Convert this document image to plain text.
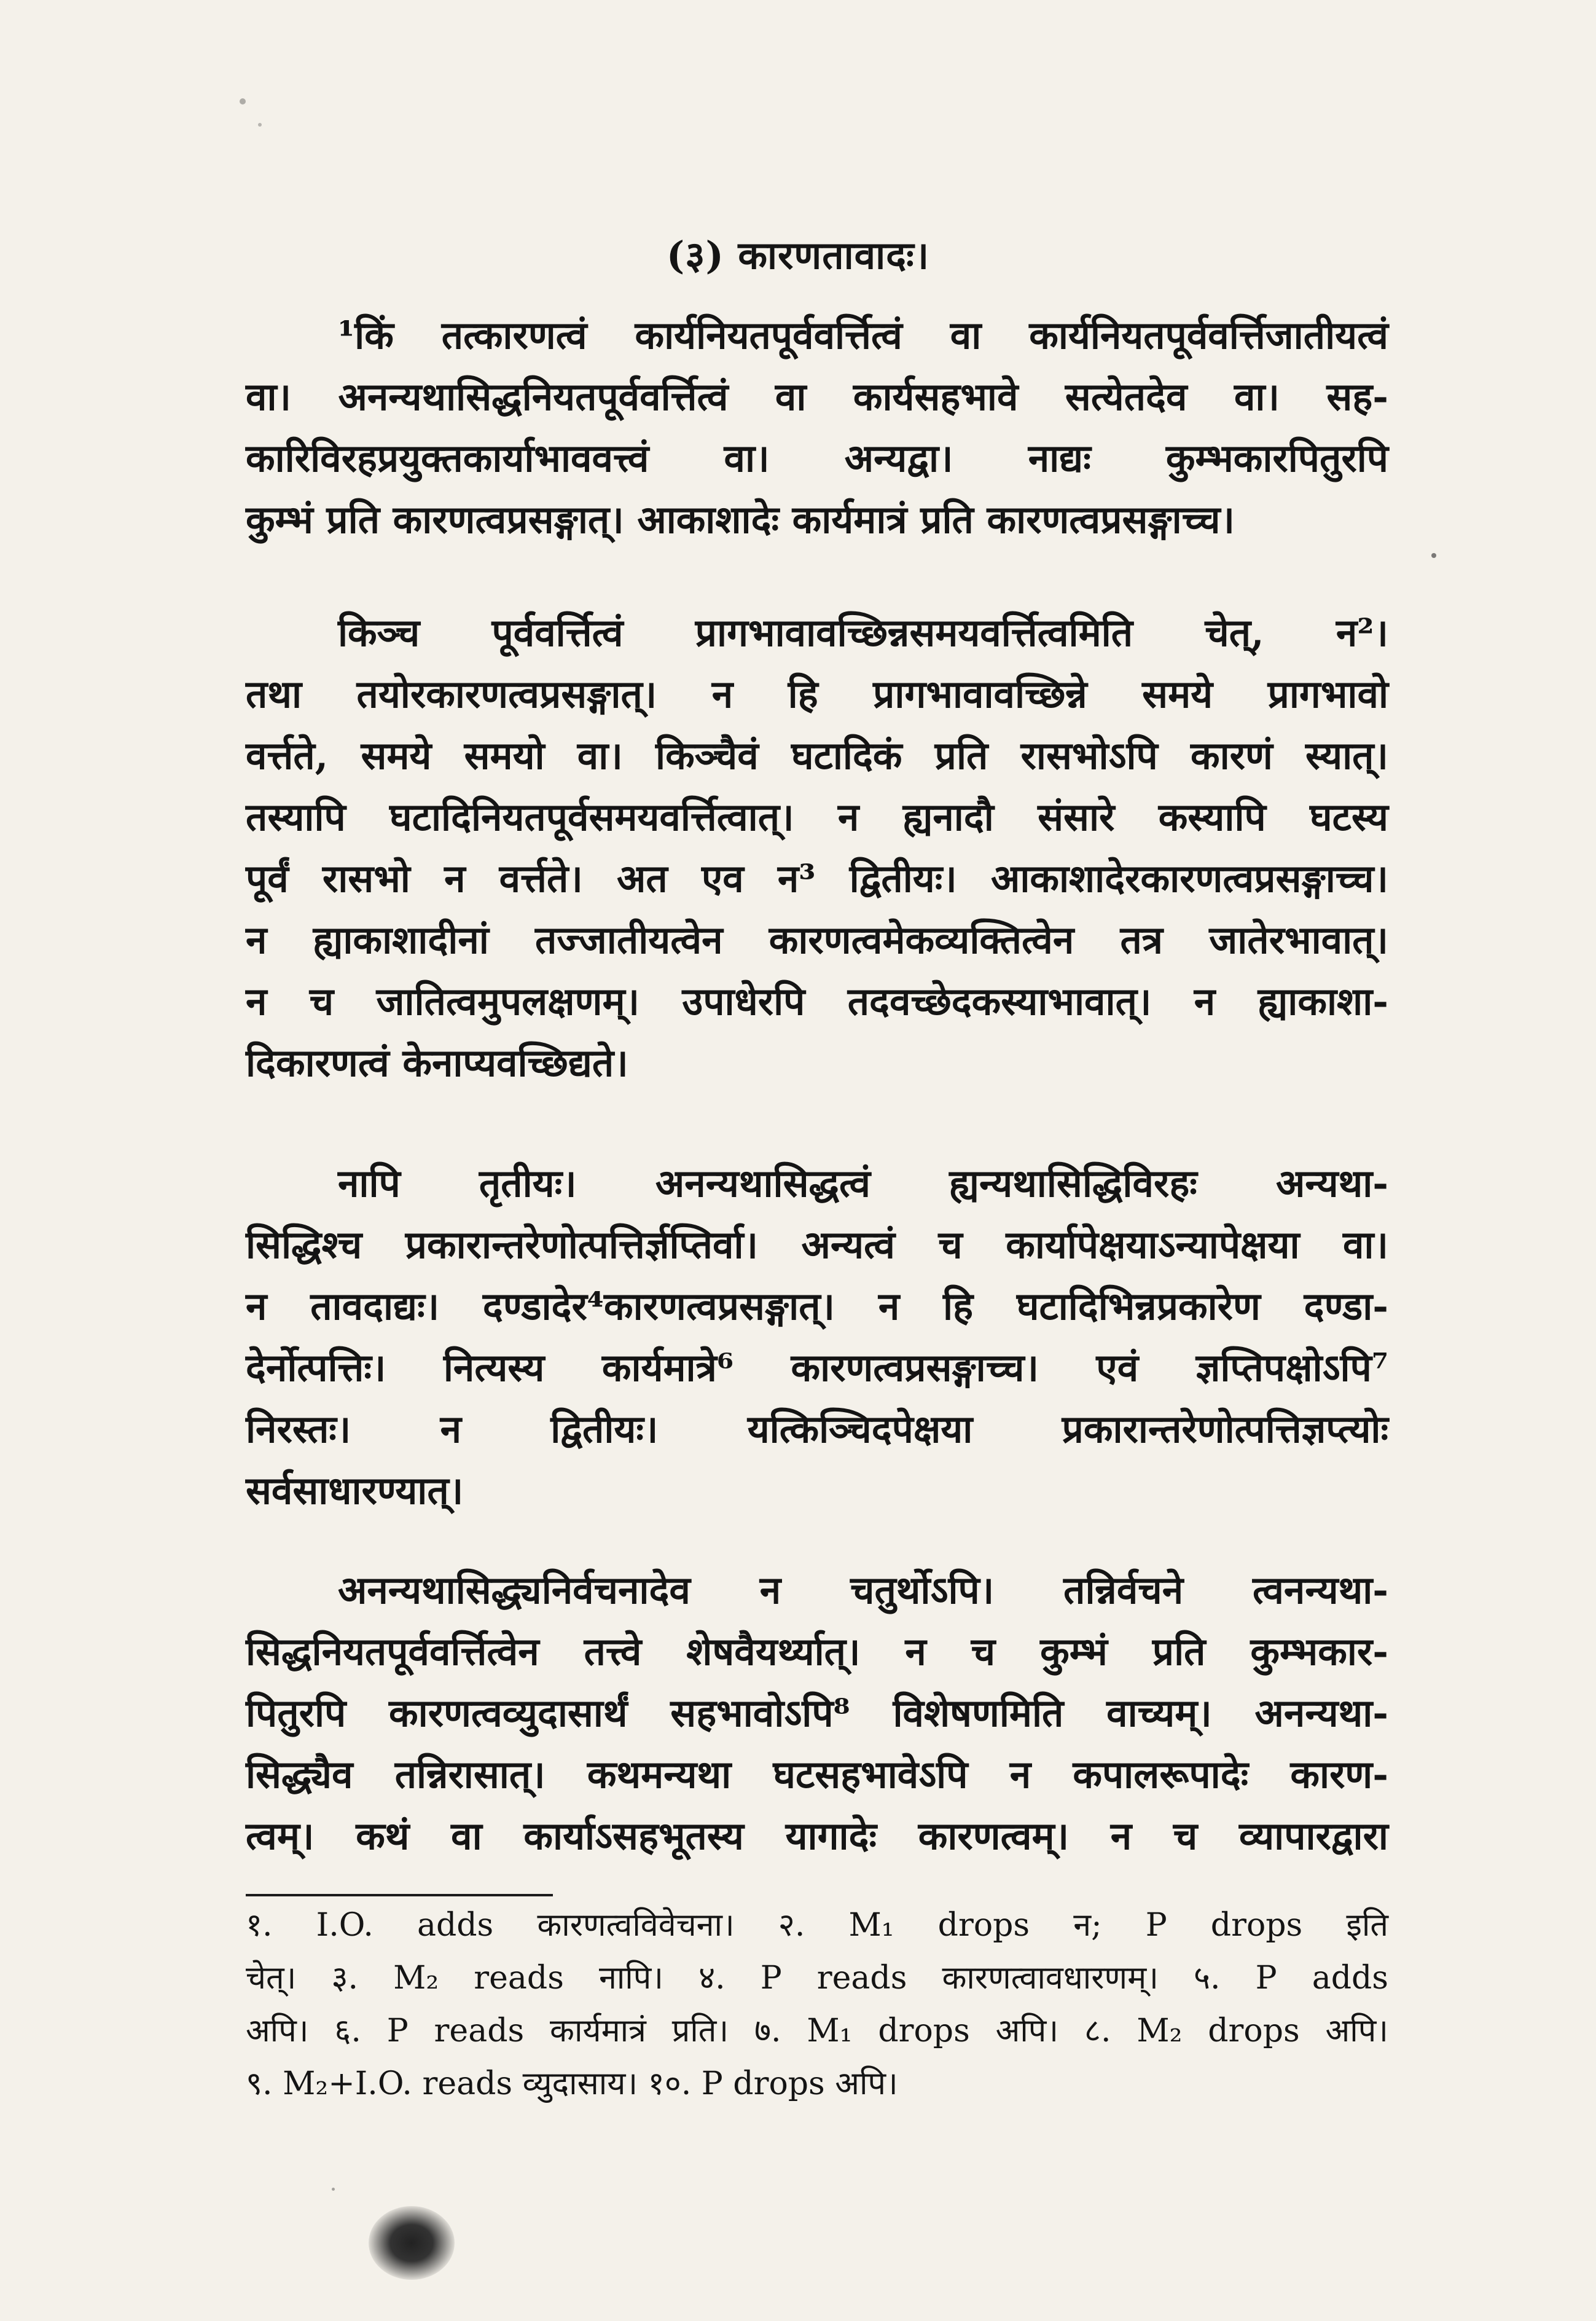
(३) कारणतावादः।
¹किं तत्कारणत्वं कार्यनियतपूर्ववर्त्तित्वं वा कार्यनियतपूर्ववर्त्तिजातीयत्वं
वा। अनन्यथासिद्धनियतपूर्ववर्त्तित्वं वा कार्यसहभावे सत्येतदेव वा। सह-
कारिविरहप्रयुक्तकार्याभाववत्त्वं वा। अन्यद्वा। नाद्यः कुम्भकारपितुरपि
कुम्भं प्रति कारणत्वप्रसङ्गात्। आकाशादेः कार्यमात्रं प्रति कारणत्वप्रसङ्गाच्च।
किञ्च पूर्ववर्त्तित्वं प्रागभावावच्छिन्नसमयवर्त्तित्वमिति चेत्, न²।
तथा तयोरकारणत्वप्रसङ्गात्। न हि प्रागभावावच्छिन्ने समये प्रागभावो
वर्त्तते, समये समयो वा। किञ्चैवं घटादिकं प्रति रासभोऽपि कारणं स्यात्।
तस्यापि घटादिनियतपूर्वसमयवर्त्तित्वात्। न ह्यनादौ संसारे कस्यापि घटस्य
पूर्वं रासभो न वर्त्तते। अत एव न³ द्वितीयः। आकाशादेरकारणत्वप्रसङ्गाच्च।
न ह्याकाशादीनां तज्जातीयत्वेन कारणत्वमेकव्यक्तित्वेन तत्र जातेरभावात्।
न च जातित्वमुपलक्षणम्। उपाधेरपि तदवच्छेदकस्याभावात्। न ह्याकाशा-
दिकारणत्वं केनाप्यवच्छिद्यते।
नापि तृतीयः। अनन्यथासिद्धत्वं ह्यन्यथासिद्धिविरहः अन्यथा-
सिद्धिश्च प्रकारान्तरेणोत्पत्तिर्ज्ञप्तिर्वा। अन्यत्वं च कार्यापेक्षयाऽन्यापेक्षया वा।
न तावदाद्यः। दण्डादेर⁴कारणत्वप्रसङ्गात्। न हि घटादिभिन्नप्रकारेण दण्डा-
देर्नोत्पत्तिः। नित्यस्य कार्यमात्रे⁶ कारणत्वप्रसङ्गाच्च। एवं ज्ञप्तिपक्षोऽपि⁷
निरस्तः। न द्वितीयः। यत्किञ्चिदपेक्षया प्रकारान्तरेणोत्पत्तिज्ञप्त्योः
सर्वसाधारण्यात्।
अनन्यथासिद्ध्यनिर्वचनादेव न चतुर्थोऽपि। तन्निर्वचने त्वनन्यथा-
सिद्धनियतपूर्ववर्त्तित्वेन तत्त्वे शेषवैयर्थ्यात्। न च कुम्भं प्रति कुम्भकार-
पितुरपि कारणत्वव्युदासार्थं सहभावोऽपि⁸ विशेषणमिति वाच्यम्। अनन्यथा-
सिद्ध्यैव तन्निरासात्। कथमन्यथा घटसहभावेऽपि न कपालरूपादेः कारण-
त्वम्। कथं वा कार्याऽसहभूतस्य यागादेः कारणत्वम्। न च व्यापारद्वारा
१. I.O. adds कारणत्वविवेचना। २. M₁ drops न; P drops इति
चेत्। ३. M₂ reads नापि। ४. P reads कारणत्वावधारणम्। ५. P adds
अपि। ६. P reads कार्यमात्रं प्रति। ७. M₁ drops अपि। ८. M₂ drops अपि।
९. M₂+I.O. reads व्युदासाय। १०. P drops अपि।
